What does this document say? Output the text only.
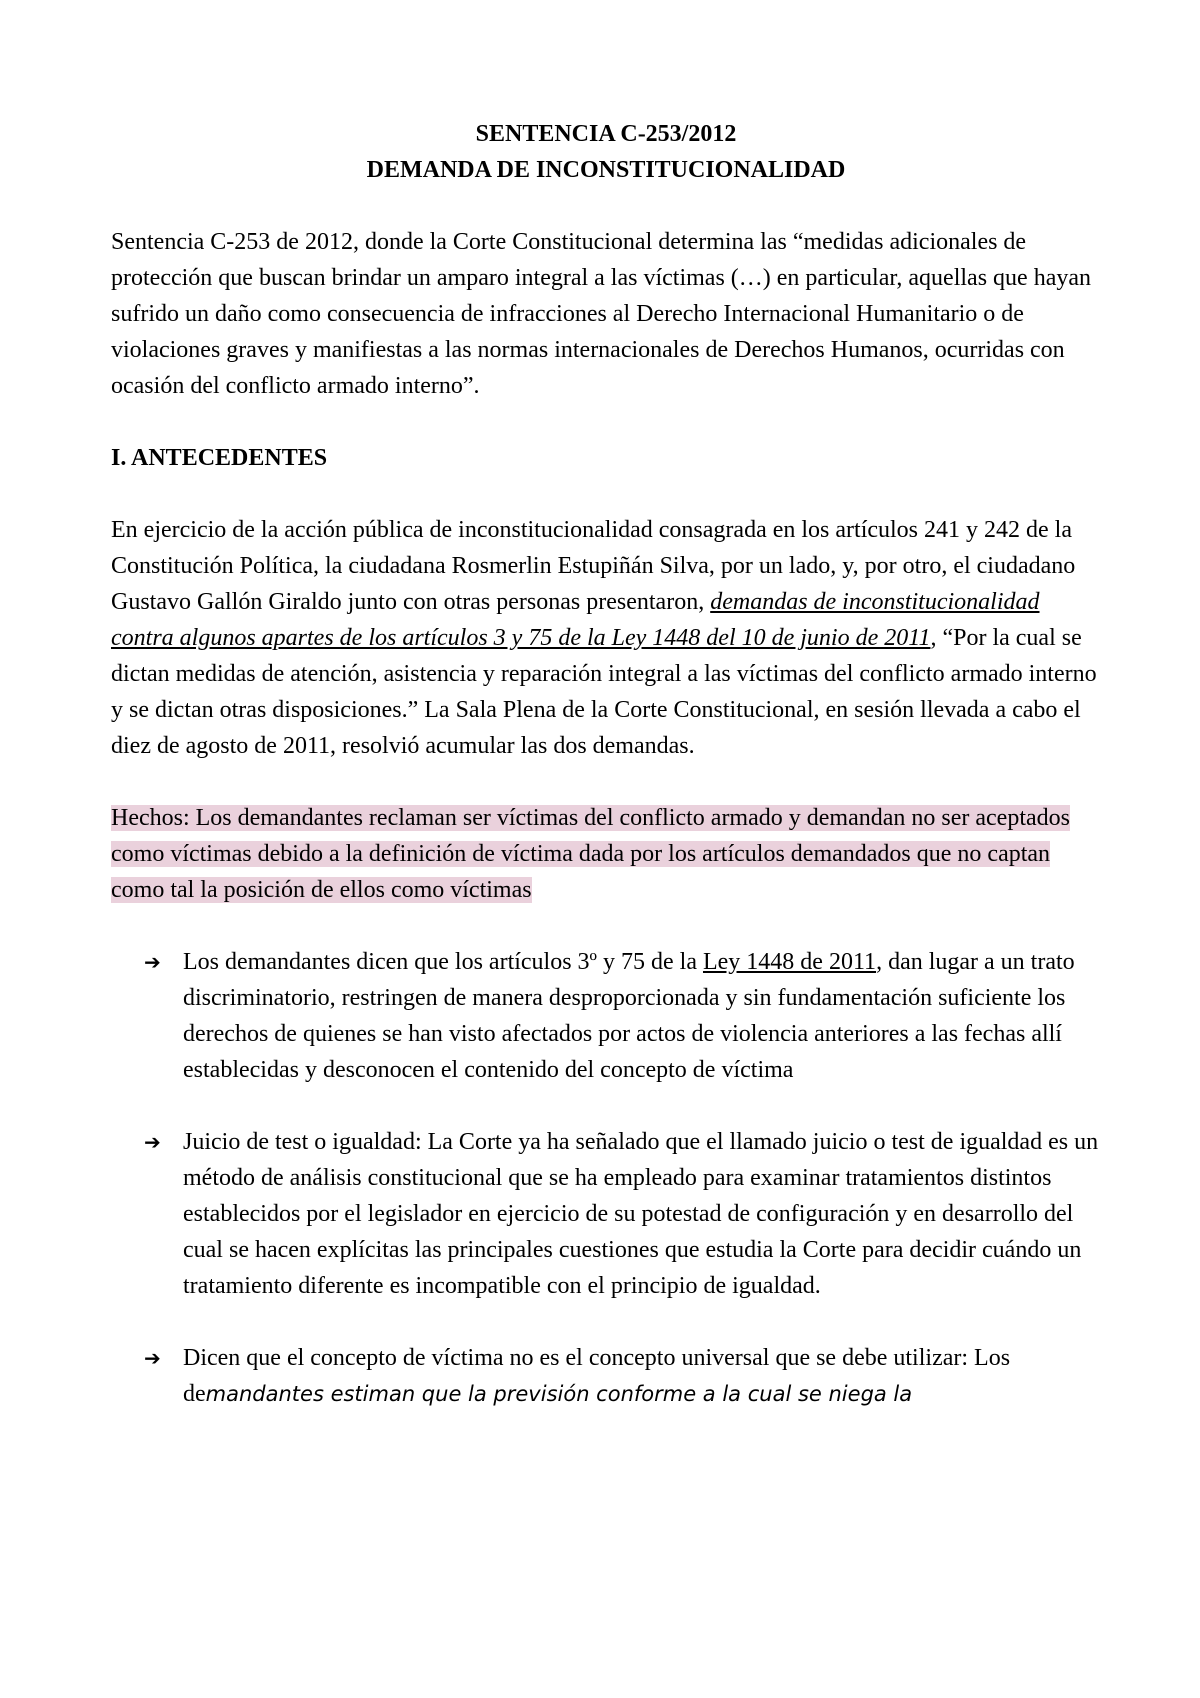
SENTENCIA C-253/2012

DEMANDA DE INCONSTITUCIONALIDAD

Sentencia C-253 de 2012, donde la Corte Constitucional determina las “medidas adicionales de protección que buscan brindar un amparo integral a las víctimas (…) en particular, aquellas que hayan sufrido un daño como consecuencia de infracciones al Derecho Internacional Humanitario o de violaciones graves y manifiestas a las normas internacionales de Derechos Humanos, ocurridas con ocasión del conflicto armado interno”.

I. ANTECEDENTES

En ejercicio de la acción pública de inconstitucionalidad consagrada en los artículos 241 y 242 de la Constitución Política, la ciudadana Rosmerlin Estupiñán Silva, por un lado, y, por otro, el ciudadano Gustavo Gallón Giraldo junto con otras personas presentaron, demandas de inconstitucionalidad contra algunos apartes de los artículos 3 y 75 de la Ley 1448 del 10 de junio de 2011, “Por la cual se dictan medidas de atención, asistencia y reparación integral a las víctimas del conflicto armado interno y se dictan otras disposiciones.” La Sala Plena de la Corte Constitucional, en sesión llevada a cabo el diez de agosto de 2011, resolvió acumular las dos demandas.

Hechos: Los demandantes reclaman ser víctimas del conflicto armado y demandan no ser aceptados como víctimas debido a la definición de víctima dada por los artículos demandados que no captan como tal la posición de ellos como víctimas

➔ Los demandantes dicen que los artículos 3º y 75 de la Ley 1448 de 2011, dan lugar a un trato discriminatorio, restringen de manera desproporcionada y sin fundamentación suficiente los derechos de quienes se han visto afectados por actos de violencia anteriores a las fechas allí establecidas y desconocen el contenido del concepto de víctima
➔ Juicio de test o igualdad: La Corte ya ha señalado que el llamado juicio o test de igualdad es un método de análisis constitucional que se ha empleado para examinar tratamientos distintos establecidos por el legislador en ejercicio de su potestad de configuración y en desarrollo del cual se hacen explícitas las principales cuestiones que estudia la Corte para decidir cuándo un tratamiento diferente es incompatible con el principio de igualdad.
➔ Dicen que el concepto de víctima no es el concepto universal que se debe utilizar: Los demandantes estiman que la previsión conforme a la cual se niega la
